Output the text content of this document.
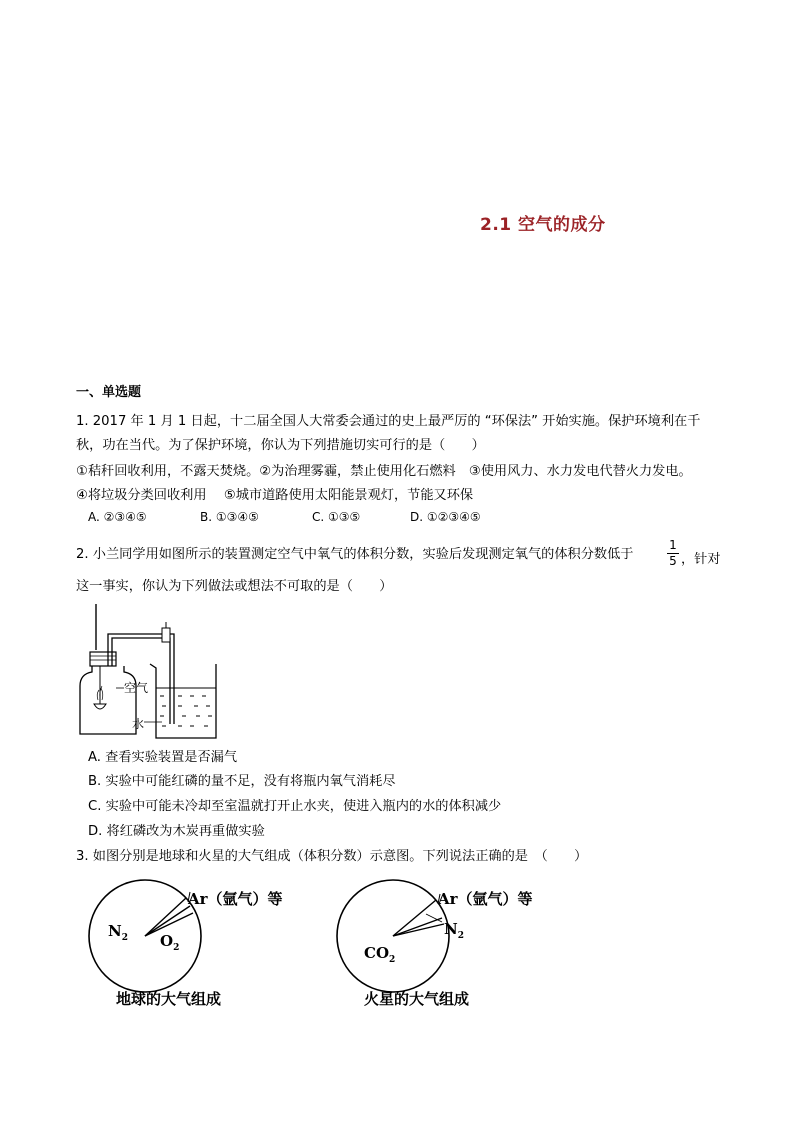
2.1 空气的成分
一、单选题
1. 2017 年 1 月 1 日起，十二届全国人大常委会通过的史上最严厉的 “环保法” 开始实施。保护环境利在千
秋，功在当代。为了保护环境，你认为下列措施切实可行的是（　　）
①秸秆回收利用，不露天焚烧。②为治理雾霾，禁止使用化石燃料　③使用风力、水力发电代替火力发电。
④将垃圾分类回收利用　 ⑤城市道路使用太阳能景观灯，节能又环保
A. ②③④⑤	B. ①③④⑤	C. ①③⑤	D. ①②③④⑤
2. 小兰同学用如图所示的装置测定空气中氧气的体积分数，实验后发现测定氧气的体积分数低于
1
5 ，针对
这一事实，你认为下列做法或想法不可取的是（　　）
空气
水
A. 查看实验装置是否漏气
B. 实验中可能红磷的量不足，没有将瓶内氧气消耗尽
C. 实验中可能未冷却至室温就打开止水夹，使进入瓶内的水的体积减少
D. 将红磷改为木炭再重做实验
3. 如图分别是地球和火星的大气组成（体积分数）示意图。下列说法正确的是　（　　）
$N_2$ $O_2$
Ar（氩气）等
地球的大气组成
$CO_2$
$N_2$
Ar（氩气）等
火星的大气组成
